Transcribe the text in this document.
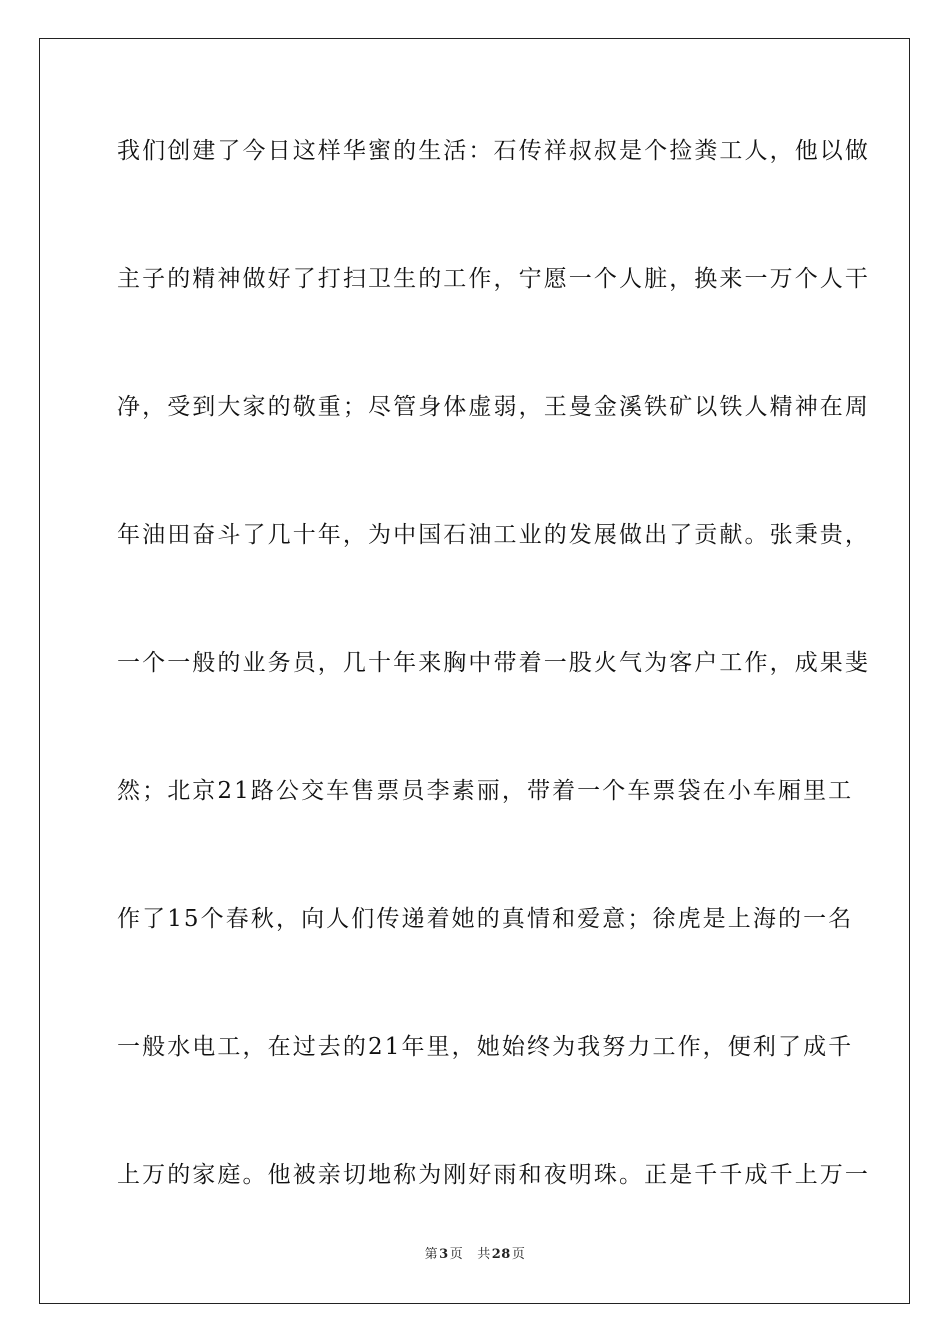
我们创建了今日这样华蜜的生活：石传祥叔叔是个捡粪工人，他以做
主子的精神做好了打扫卫生的工作，宁愿一个人脏，换来一万个人干
净，受到大家的敬重；尽管身体虚弱，王曼金溪铁矿以铁人精神在周
年油田奋斗了几十年，为中国石油工业的发展做出了贡献。张秉贵，
一个一般的业务员，几十年来胸中带着一股火气为客户工作，成果斐
然；北京21路公交车售票员李素丽，带着一个车票袋在小车厢里工
作了15个春秋，向人们传递着她的真情和爱意；徐虎是上海的一名
一般水电工，在过去的21年里，她始终为我努力工作，便利了成千
上万的家庭。他被亲切地称为刚好雨和夜明珠。正是千千成千上万一
第3页 共28页
